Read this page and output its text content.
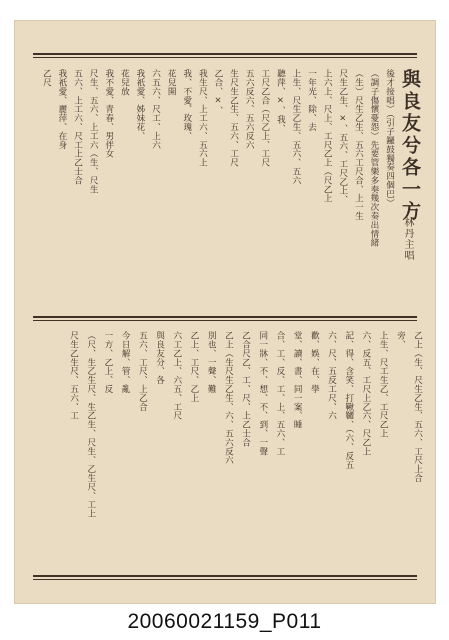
與良友兮各一方
林丹主唱
後才接唱）（引子鑼鼓獨奏四個巴）
（調子傷懷憂怨）先要管樂多奏幾次奏出情緒
（生）尺生乙生、五六工尺合、上一生
尺生乙生、×、五六、工尺乙上、
上六上、尺上、工尺乙上（尺乙上
一年光、除、去
上生、尺生乙生、五六、五六
聽萍、×、我、
工尺乙合（尺乙上、工尺
五六反六、五六反六
生尺生乙生、五六、工尺
乙合、×、
我生尺、上工六、五六上
我、不愛、玫瑰、
花兒開
六五六、尺工、上六
我祇愛、姊妹花、
花兒放
我不愛、青春、男伴女
尺生、五六、上工六（生、尺生
五六、上工六、尺工上乙士合
我祇愛、麗萍、在身
乙尺
乙上（生、尺生乙生、五六、工尺上合
旁、
上生、尺工生乙、工尺乙上
六、反五、工尺上乙六、尺乙上
記、得、含笑、打鞦韆、（六、反五
六、尺、五反工尺、六
歡、娛、在、學
堂、讀、書、同一案、睡
合、工、反、工、上、五六、工
同一牀、不、想、不、到、一聲
乙合尺乙、工、尺、上乙士合
乙上（生尺生乙生、六、五六反六
別也、一聲、難
乙上、工尺、乙上
六工乙上、六五、工尺
與良友分、各
五六、工尺、上乙合
今日解、管、亂
一方、乙上、反
（尺、生乙生尺、生乙生、尺生、乙生尺、工上
尺生乙生尺、五六、工
20060021159_P011
